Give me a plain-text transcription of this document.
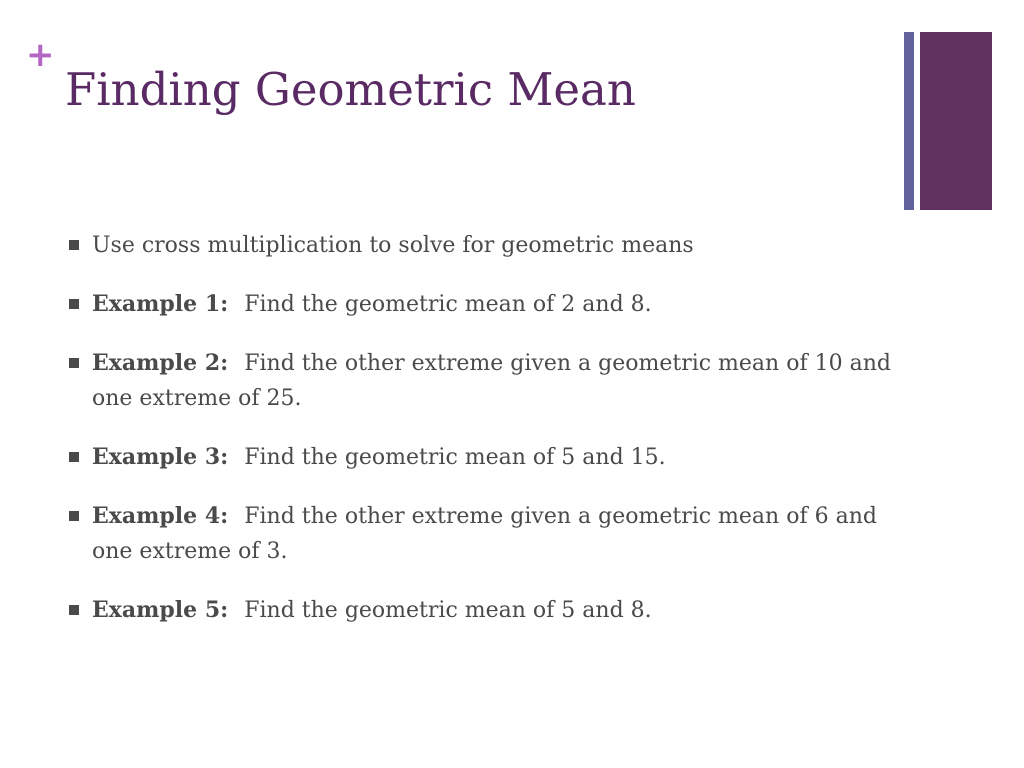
+
Finding Geometric Mean
Use cross multiplication to solve for geometric means
Example 1: Find the geometric mean of 2 and 8.
Example 2: Find the other extreme given a geometric mean of 10 and one extreme of 25.
Example 3: Find the geometric mean of 5 and 15.
Example 4: Find the other extreme given a geometric mean of 6 and one extreme of 3.
Example 5: Find the geometric mean of 5 and 8.
